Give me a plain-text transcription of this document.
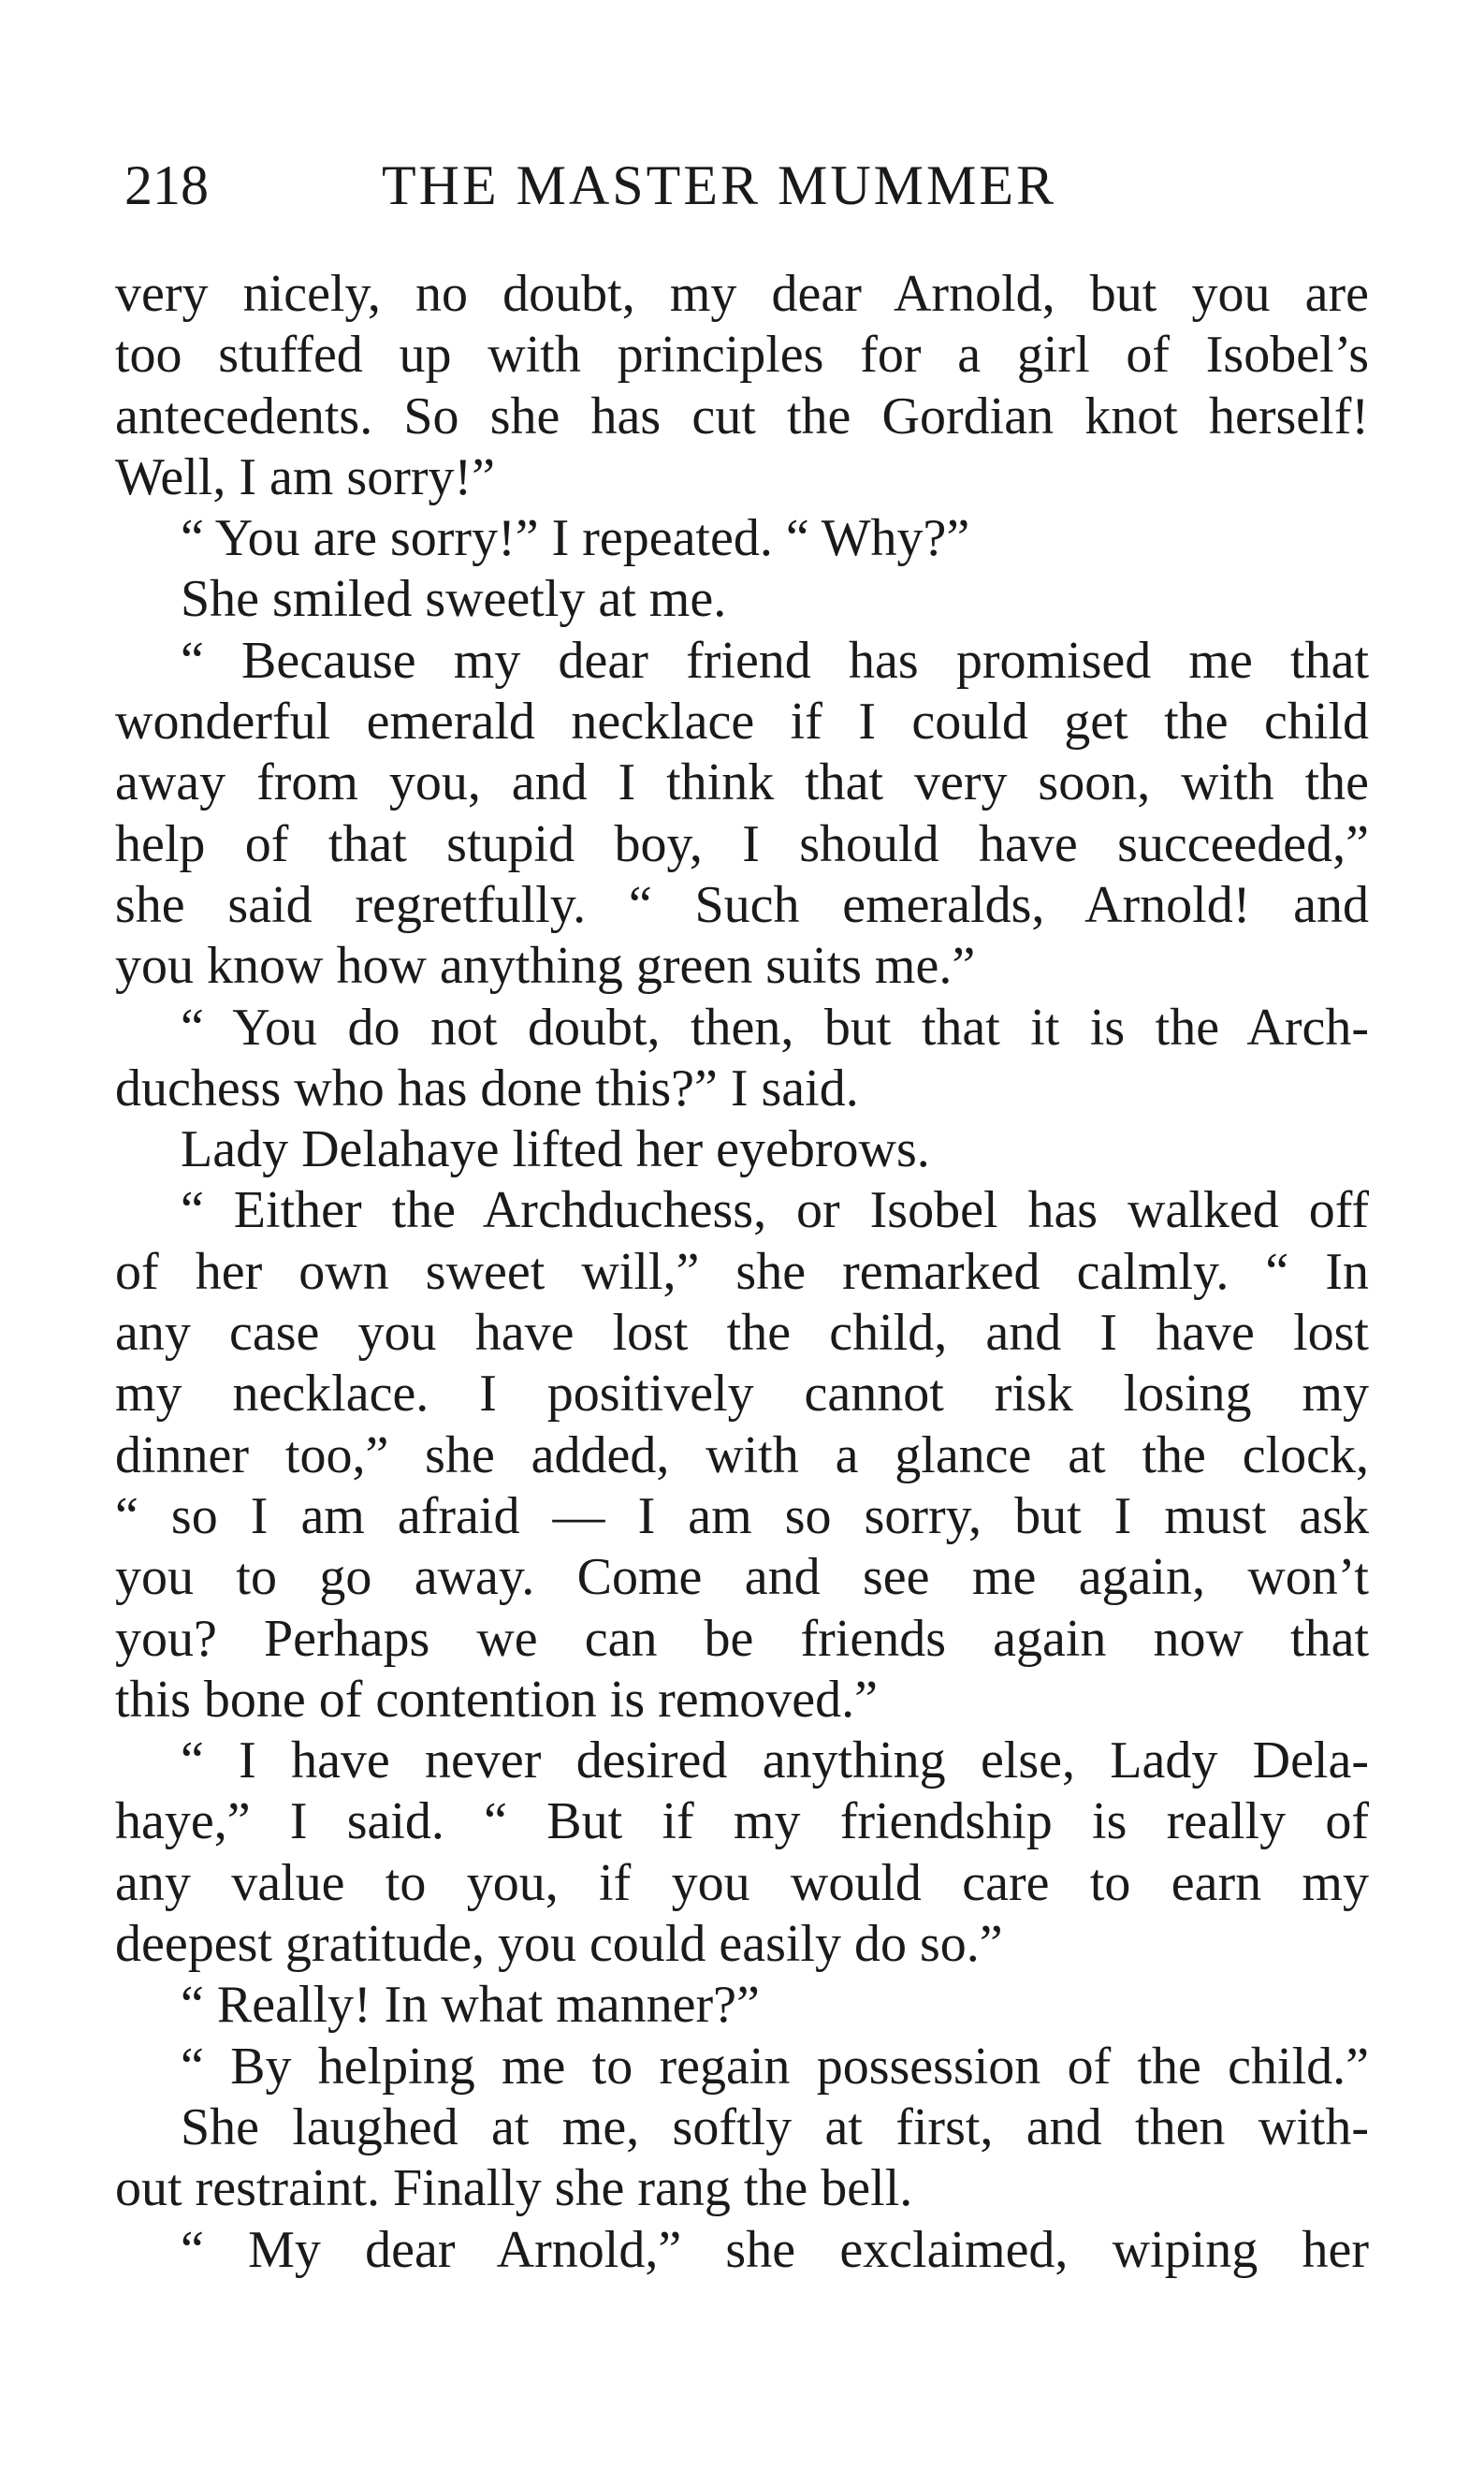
218	THE MASTER MUMMER
very nicely, no doubt, my dear Arnold, but you are
too stuffed up with principles for a girl of Isobel’s
antecedents. So she has cut the Gordian knot herself!
Well, I am sorry!”
“ You are sorry!” I repeated. “ Why?”
She smiled sweetly at me.
“ Because my dear friend has promised me that
wonderful emerald necklace if I could get the child
away from you, and I think that very soon, with the
help of that stupid boy, I should have succeeded,”
she said regretfully. “ Such emeralds, Arnold! and
you know how anything green suits me.”
“ You do not doubt, then, but that it is the Arch-
duchess who has done this?” I said.
Lady Delahaye lifted her eyebrows.
“ Either the Archduchess, or Isobel has walked off
of her own sweet will,” she remarked calmly. “ In
any case you have lost the child, and I have lost
my necklace. I positively cannot risk losing my
dinner too,” she added, with a glance at the clock,
“ so I am afraid — I am so sorry, but I must ask
you to go away. Come and see me again, won’t
you? Perhaps we can be friends again now that
this bone of contention is removed.”
“ I have never desired anything else, Lady Dela-
haye,” I said. “ But if my friendship is really of
any value to you, if you would care to earn my
deepest gratitude, you could easily do so.”
“ Really! In what manner?”
“ By helping me to regain possession of the child.”
She laughed at me, softly at first, and then with-
out restraint. Finally she rang the bell.
“ My dear Arnold,” she exclaimed, wiping her
